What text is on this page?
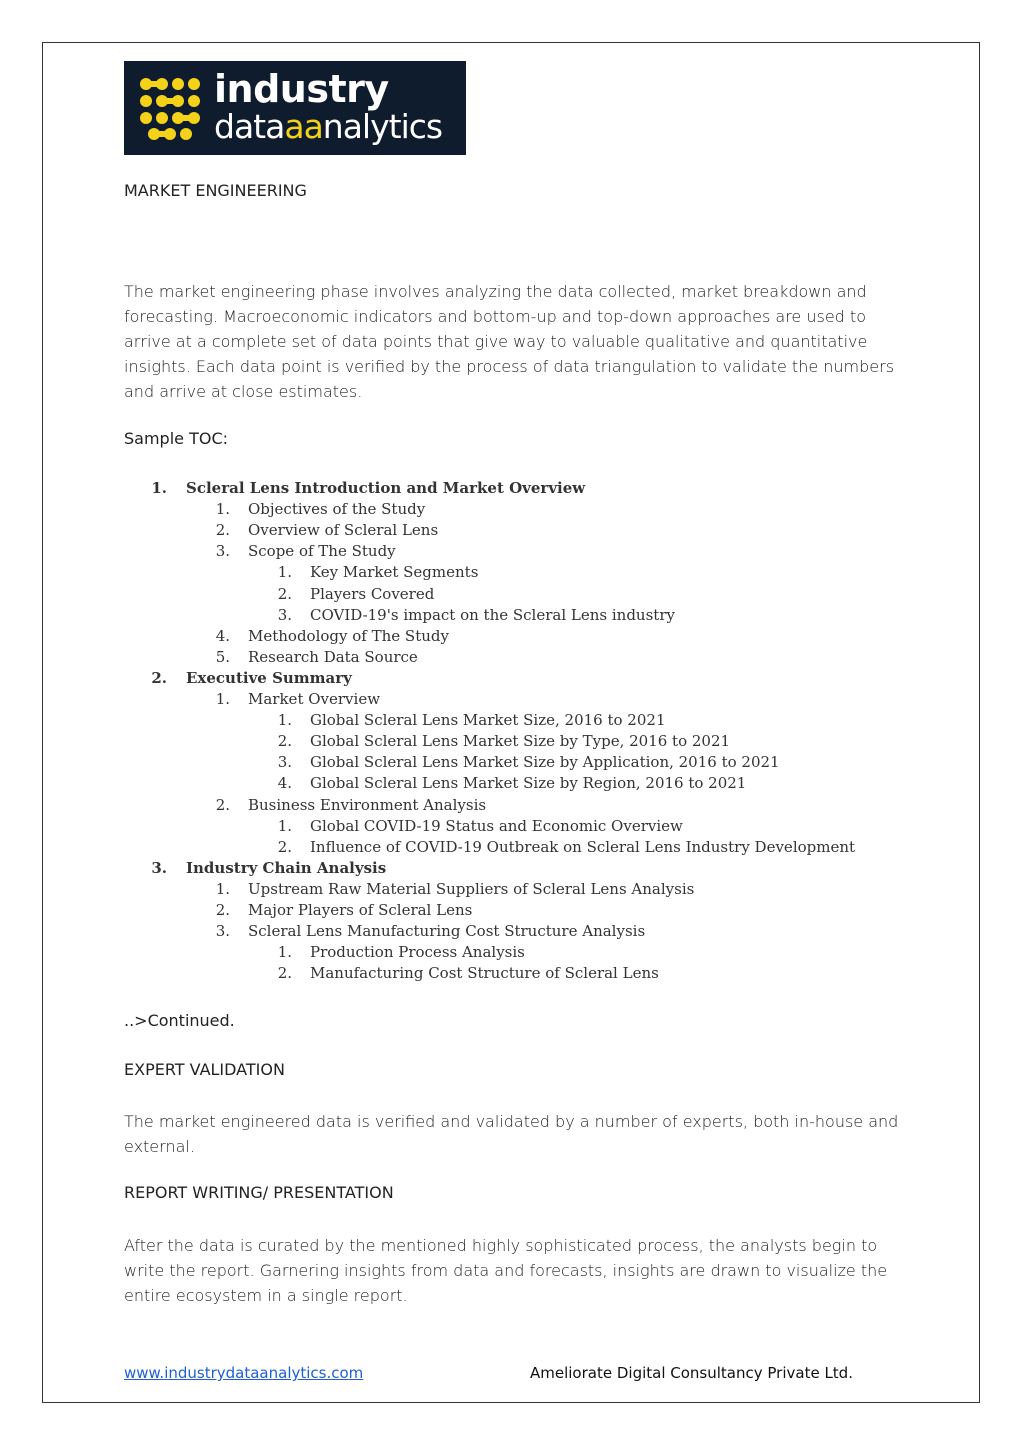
industry
dataaanalytics
MARKET ENGINEERING
The market engineering phase involves analyzing the data collected, market breakdown and forecasting. Macroeconomic indicators and bottom-up and top-down approaches are used to arrive at a complete set of data points that give way to valuable qualitative and quantitative insights. Each data point is verified by the process of data triangulation to validate the numbers and arrive at close estimates.
Sample TOC:
1. Scleral Lens Introduction and Market Overview
1. Objectives of the Study
2. Overview of Scleral Lens
3. Scope of The Study
1. Key Market Segments
2. Players Covered
3. COVID-19's impact on the Scleral Lens industry
4. Methodology of The Study
5. Research Data Source
2. Executive Summary
1. Market Overview
1. Global Scleral Lens Market Size, 2016 to 2021
2. Global Scleral Lens Market Size by Type, 2016 to 2021
3. Global Scleral Lens Market Size by Application, 2016 to 2021
4. Global Scleral Lens Market Size by Region, 2016 to 2021
2. Business Environment Analysis
1. Global COVID-19 Status and Economic Overview
2. Influence of COVID-19 Outbreak on Scleral Lens Industry Development
3. Industry Chain Analysis
1. Upstream Raw Material Suppliers of Scleral Lens Analysis
2. Major Players of Scleral Lens
3. Scleral Lens Manufacturing Cost Structure Analysis
1. Production Process Analysis
2. Manufacturing Cost Structure of Scleral Lens
..>Continued.
EXPERT VALIDATION
The market engineered data is verified and validated by a number of experts, both in-house and external.
REPORT WRITING/ PRESENTATION
After the data is curated by the mentioned highly sophisticated process, the analysts begin to write the report. Garnering insights from data and forecasts, insights are drawn to visualize the entire ecosystem in a single report.
www.industrydataanalytics.com	Ameliorate Digital Consultancy Private Ltd.
